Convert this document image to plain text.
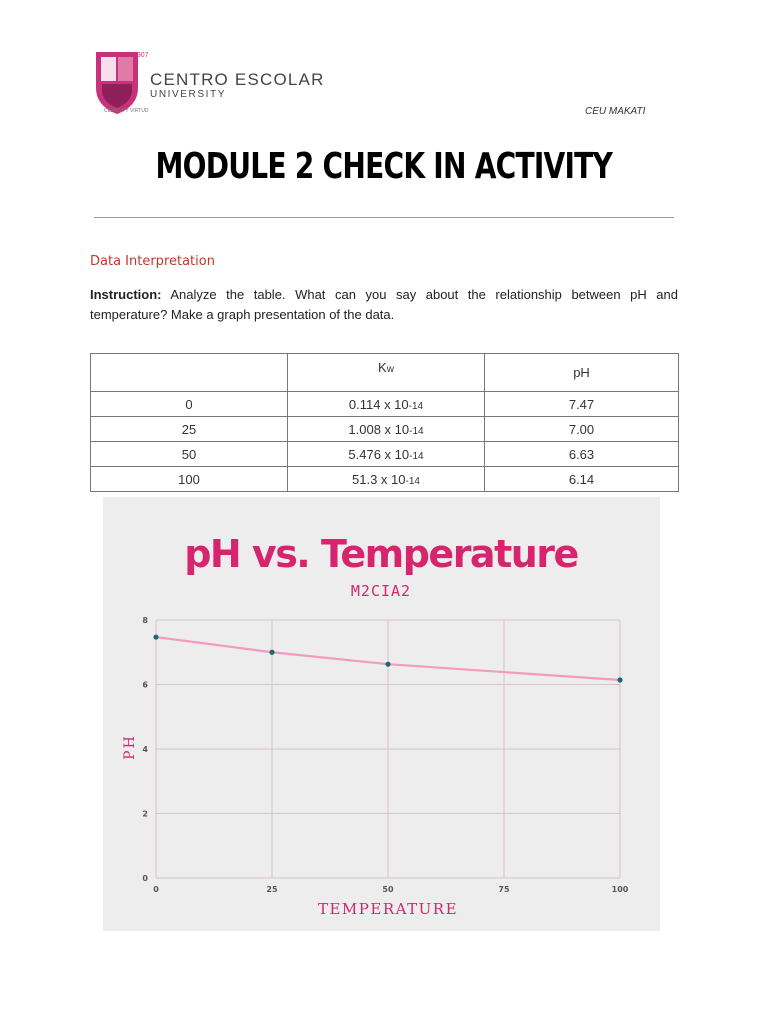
1907
CENTRO ESCOLAR
UNIVERSITY
CIENCIA Y VIRTUD	CEU MAKATI
MODULE 2 CHECK IN ACTIVITY
Data Interpretation
Instruction: Analyze the table. What can you say about the relationship between pH and temperature? Make a graph presentation of the data.
	Kw	pH
0	0.114 x 10-14	7.47
25	1.008 x 10-14	7.00
50	5.476 x 10-14	6.63
100	51.3 x 10-14	6.14
pH vs. Temperature
M2CIA2
0	25	50	75	100
0
2
4
6
8
TEMPERATURE
PH
